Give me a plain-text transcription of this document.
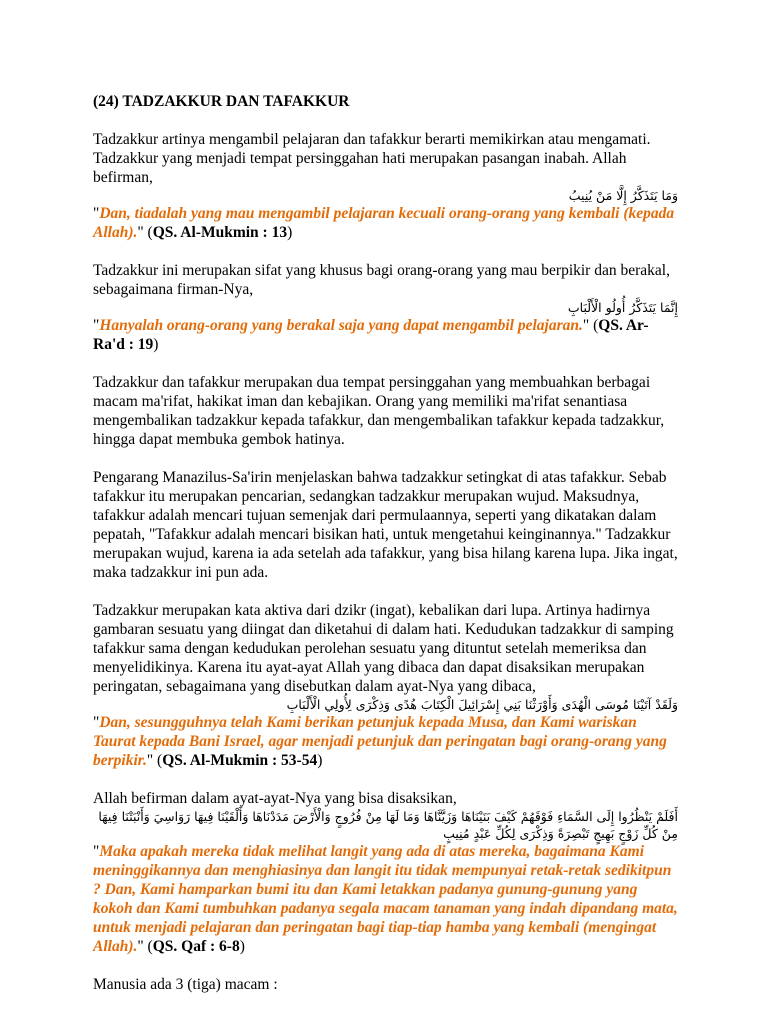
(24) TADZAKKUR DAN TAFAKKUR

Tadzakkur artinya mengambil pelajaran dan tafakkur berarti memikirkan atau mengamati. Tadzakkur yang menjadi tempat persinggahan hati merupakan pasangan inabah. Allah befirman,

وَمَا يَتَذَكَّرُ إِلَّا مَنْ يُنِيبُ

"Dan, tiadalah yang mau mengambil pelajaran kecuali orang-orang yang kembali (kepada Allah)." (QS. Al-Mukmin : 13)

Tadzakkur ini merupakan sifat yang khusus bagi orang-orang yang mau berpikir dan berakal, sebagaimana firman-Nya,

إِنَّمَا يَتَذَكَّرُ أُولُو الْأَلْبَابِ

"Hanyalah orang-orang yang berakal saja yang dapat mengambil pelajaran." (QS. Ar-Ra'd : 19)

Tadzakkur dan tafakkur merupakan dua tempat persinggahan yang membuahkan berbagai macam ma'rifat, hakikat iman dan kebajikan. Orang yang memiliki ma'rifat senantiasa mengembalikan tadzakkur kepada tafakkur, dan mengembalikan tafakkur kepada tadzakkur, hingga dapat membuka gembok hatinya.

Pengarang Manazilus-Sa'irin menjelaskan bahwa tadzakkur setingkat di atas tafakkur. Sebab tafakkur itu merupakan pencarian, sedangkan tadzakkur merupakan wujud. Maksudnya, tafakkur adalah mencari tujuan semenjak dari permulaannya, seperti yang dikatakan dalam pepatah, "Tafakkur adalah mencari bisikan hati, untuk mengetahui keinginannya." Tadzakkur merupakan wujud, karena ia ada setelah ada tafakkur, yang bisa hilang karena lupa. Jika ingat, maka tadzakkur ini pun ada.

Tadzakkur merupakan kata aktiva dari dzikr (ingat), kebalikan dari lupa. Artinya hadirnya gambaran sesuatu yang diingat dan diketahui di dalam hati. Kedudukan tadzakkur di samping tafakkur sama dengan kedudukan perolehan sesuatu yang dituntut setelah memeriksa dan menyelidikinya. Karena itu ayat-ayat Allah yang dibaca dan dapat disaksikan merupakan peringatan, sebagaimana yang disebutkan dalam ayat-Nya yang dibaca,

وَلَقَدْ آتَيْنَا مُوسَى الْهُدَى وَأَوْرَثْنَا بَنِي إِسْرَائِيلَ الْكِتَابَ هُدًى وَذِكْرَى لِأُولِي الْأَلْبَابِ

"Dan, sesungguhnya telah Kami berikan petunjuk kepada Musa, dan Kami wariskan Taurat kepada Bani Israel, agar menjadi petunjuk dan peringatan bagi orang-orang yang berpikir." (QS. Al-Mukmin : 53-54)

Allah befirman dalam ayat-ayat-Nya yang bisa disaksikan,

أَفَلَمْ يَنْظُرُوا إِلَى السَّمَاءِ فَوْقَهُمْ كَيْفَ بَنَيْنَاهَا وَزَيَّنَّاهَا وَمَا لَهَا مِنْ فُرُوجٍ وَالْأَرْضَ مَدَدْنَاهَا وَأَلْقَيْنَا فِيهَا رَوَاسِيَ وَأَنْبَتْنَا فِيهَا مِنْ كُلِّ زَوْجٍ بَهِيجٍ تَبْصِرَةً وَذِكْرَى لِكُلِّ عَبْدٍ مُنِيبٍ

"Maka apakah mereka tidak melihat langit yang ada di atas mereka, bagaimana Kami meninggikannya dan menghiasinya dan langit itu tidak mempunyai retak-retak sedikitpun ? Dan, Kami hamparkan bumi itu dan Kami letakkan padanya gunung-gunung yang kokoh dan Kami tumbuhkan padanya segala macam tanaman yang indah dipandang mata, untuk menjadi pelajaran dan peringatan bagi tiap-tiap hamba yang kembali (mengingat Allah)." (QS. Qaf : 6-8)

Manusia ada 3 (tiga) macam :
